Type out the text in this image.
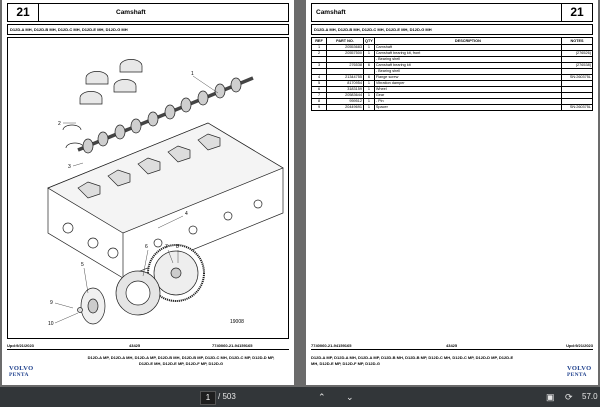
21	Camshaft
D12D-A MH, D12D-B MH, D12D-C MH, D12D-E MH, D12D-G MH
1
2
3
4
5
6	7 8
9
10	19008
Upd:9/21/2023	43425	7740060-21-94159165
D12D-A MP, D12D-A MH, D12D-A MP, D12D-B MH, D12D-B MP, D12D-C MH, D12D-C MP, D12D-D MP,
D12D-E MH, D12D-E MP, D12D-F MP, D12D-G
VOLVO
PENTA
Camshaft	21
D12D-A MH, D12D-B MH, D12D-C MH, D12D-E MH, D12D-G MH
REF	PART NO.	QTY	DESCRIPTION	NOTES
1	20553683	1	Camshaft	
2	20557500	1	Camshaft bearing kit, front	(276526)
			- Bearing shell	
3	276538	6	Camshaft bearing kit	(276538)
			- Bearing shell	
4	21344755	6	Flange screw	SN:260375L
5	8170954	1	Vibration damper	
6	3183159	1	Wheel	
7	20583644	1	Gear	
8	959512	1	- Pin	
9	20449691	1	Spacer	SN:260375L
7740060-21-94159165	43425	Upd:9/21/2023
D12D-A MP, D12D-A MH, D12D-A MP, D12D-B MH, D12D-B MP, D12D-C MH, D12D-C MP, D12D-D MP, D12D-E
MH, D12D-E MP, D12D-F MP, D12D-G
VOLVO
PENTA
1 / 503	⌃ ⌄	▣ ⟳ 57.0
